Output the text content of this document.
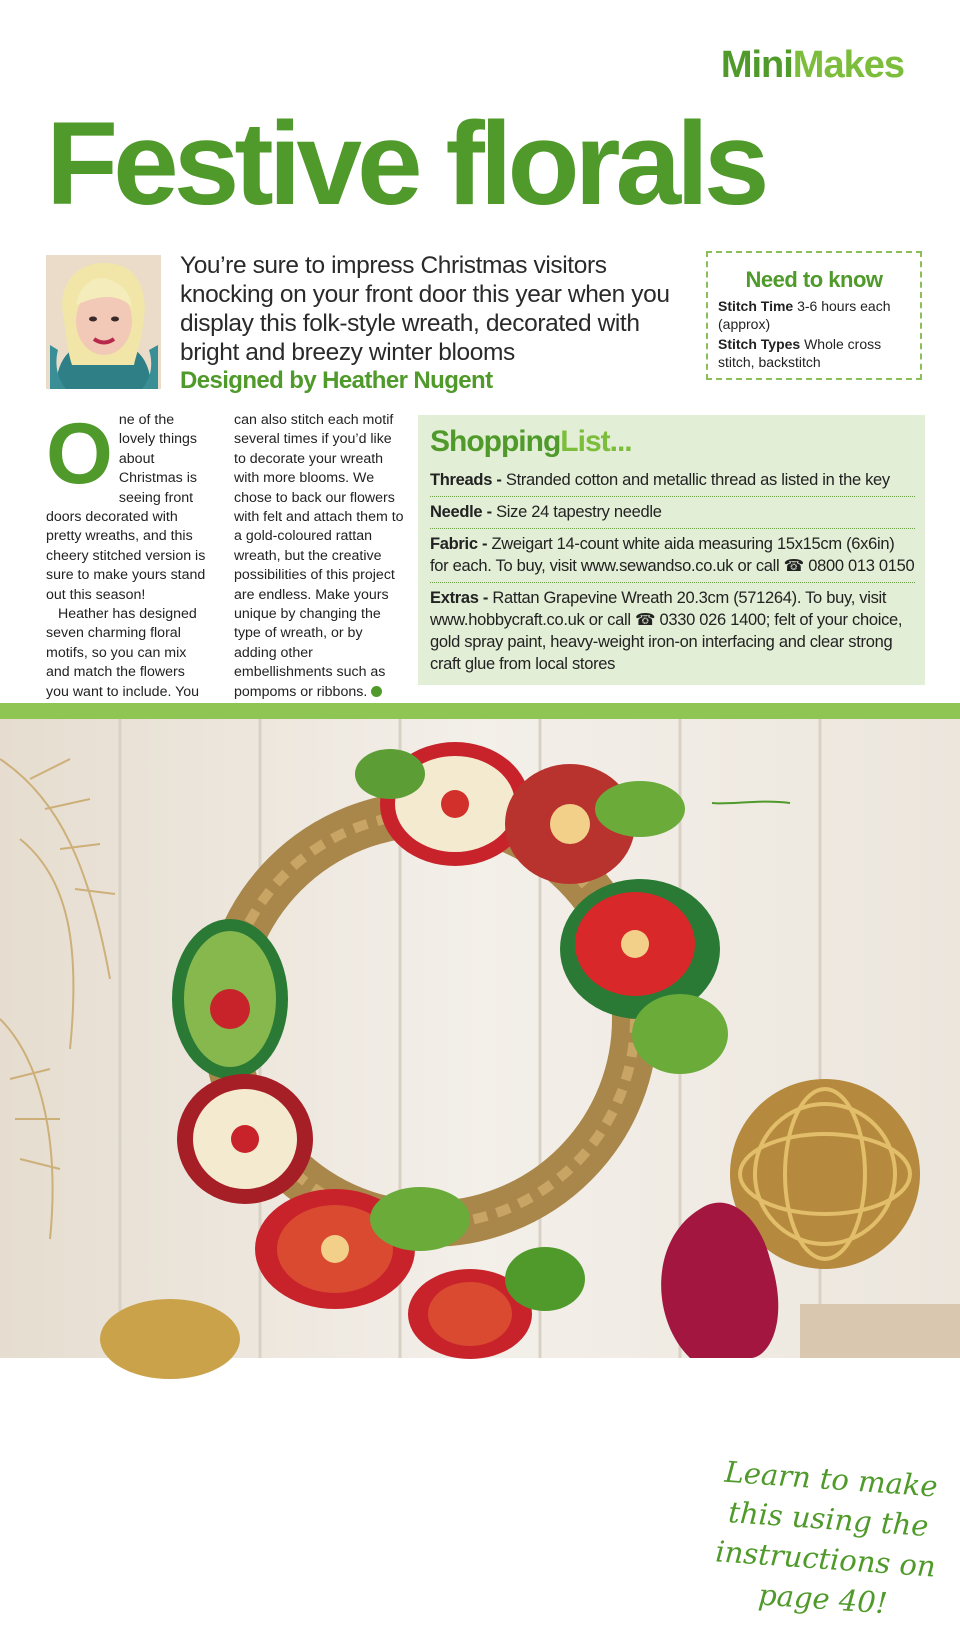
MiniMakes
Festive florals
You’re sure to impress Christmas visitors knocking on your front door this year when you display this folk-style wreath, decorated with bright and breezy winter blooms
Designed by Heather Nugent
Need to know

Stitch Time 3-6 hours each (approx)

Stitch Types Whole cross stitch, backstitch

O ne of the lovely things about Christmas is seeing front doors decorated with pretty wreaths, and this cheery stitched version is sure to make yours stand out this season!

Heather has designed seven charming floral motifs, so you can mix and match the flowers you want to include. You

can also stitch each motif several times if you’d like to decorate your wreath with more blooms. We chose to back our flowers with felt and attach them to a gold-coloured rattan wreath, but the creative possibilities of this project are endless. Make yours unique by changing the type of wreath, or by adding other embellishments such as pompoms or ribbons.

ShoppingList...
Threads - Stranded cotton and metallic thread as listed in the key
Needle - Size 24 tapestry needle
Fabric - Zweigart 14-count white aida measuring 15x15cm (6x6in) for each. To buy, visit www.sewandso.co.uk or call ☎ 0800 013 0150
Extras - Rattan Grapevine Wreath 20.3cm (571264). To buy, visit www.hobbycraft.co.uk or call ☎ 0330 026 1400; felt of your choice, gold spray paint, heavy-weight iron-on interfacing and clear strong craft glue from local stores
Learn to make this using the instructions on page 40!
